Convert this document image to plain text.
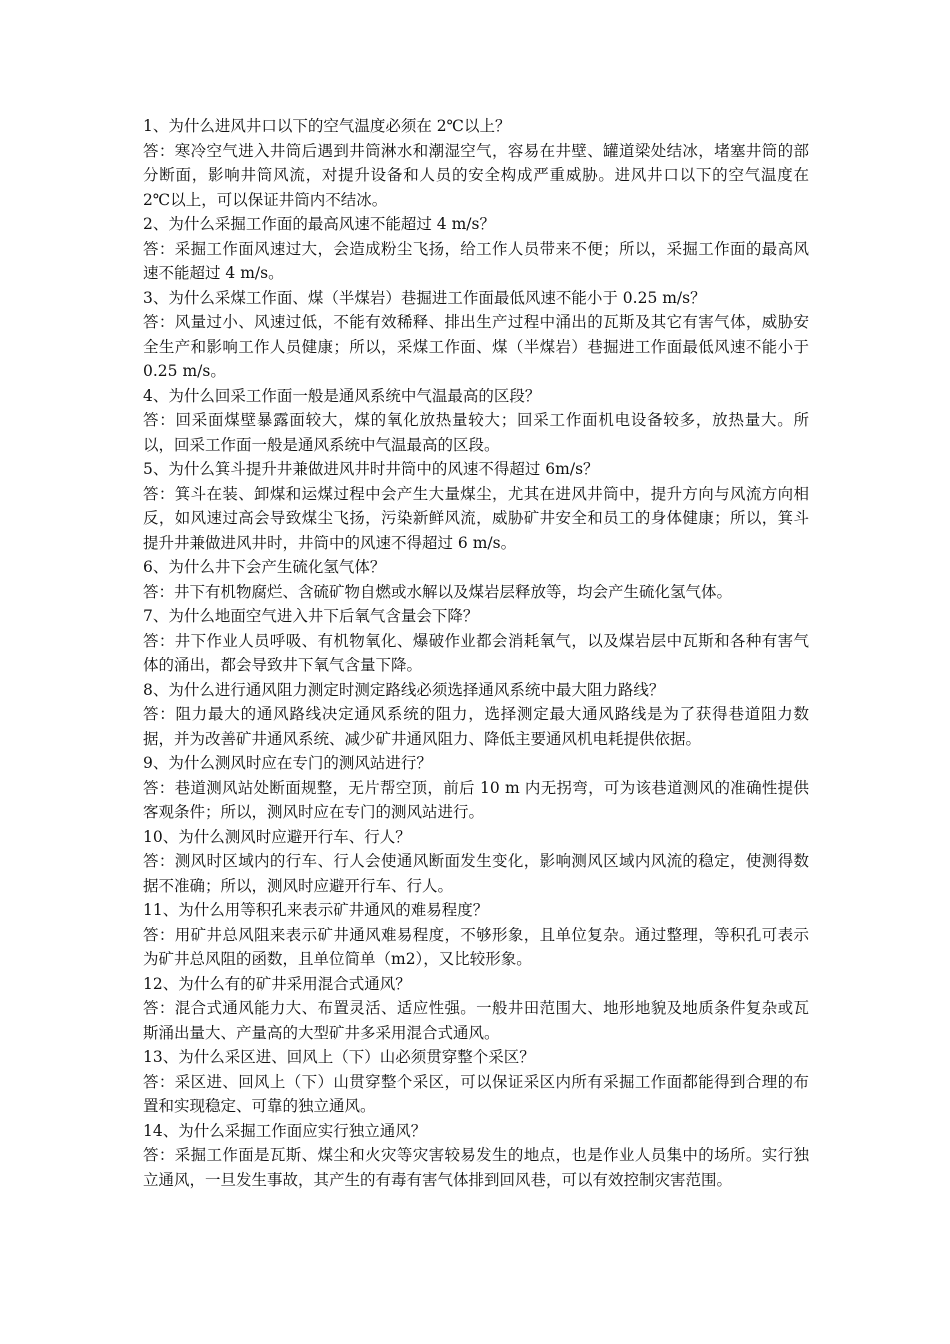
1、为什么进风井口以下的空气温度必须在 2℃以上？

答：寒冷空气进入井筒后遇到井筒淋水和潮湿空气，容易在井壁、罐道梁处结冰，堵塞井筒的部分断面，影响井筒风流，对提升设备和人员的安全构成严重威胁。进风井口以下的空气温度在 2℃以上，可以保证井筒内不结冰。

2、为什么采掘工作面的最高风速不能超过 4 m/s？

答：采掘工作面风速过大，会造成粉尘飞扬，给工作人员带来不便；所以，采掘工作面的最高风速不能超过 4 m/s。

3、为什么采煤工作面、煤（半煤岩）巷掘进工作面最低风速不能小于 0.25 m/s？

答：风量过小、风速过低，不能有效稀释、排出生产过程中涌出的瓦斯及其它有害气体，威胁安全生产和影响工作人员健康；所以，采煤工作面、煤（半煤岩）巷掘进工作面最低风速不能小于 0.25 m/s。

4、为什么回采工作面一般是通风系统中气温最高的区段？

答：回采面煤壁暴露面较大，煤的氧化放热量较大；回采工作面机电设备较多，放热量大。所以，回采工作面一般是通风系统中气温最高的区段。

5、为什么箕斗提升井兼做进风井时井筒中的风速不得超过 6m/s？

答：箕斗在装、卸煤和运煤过程中会产生大量煤尘，尤其在进风井筒中，提升方向与风流方向相反，如风速过高会导致煤尘飞扬，污染新鲜风流，威胁矿井安全和员工的身体健康；所以，箕斗提升井兼做进风井时，井筒中的风速不得超过 6 m/s。

6、为什么井下会产生硫化氢气体？

答：井下有机物腐烂、含硫矿物自燃或水解以及煤岩层释放等，均会产生硫化氢气体。

7、为什么地面空气进入井下后氧气含量会下降？

答：井下作业人员呼吸、有机物氧化、爆破作业都会消耗氧气，以及煤岩层中瓦斯和各种有害气体的涌出，都会导致井下氧气含量下降。

8、为什么进行通风阻力测定时测定路线必须选择通风系统中最大阻力路线？

答：阻力最大的通风路线决定通风系统的阻力，选择测定最大通风路线是为了获得巷道阻力数据，并为改善矿井通风系统、减少矿井通风阻力、降低主要通风机电耗提供依据。

9、为什么测风时应在专门的测风站进行？

答：巷道测风站处断面规整，无片帮空顶，前后 10 m 内无拐弯，可为该巷道测风的准确性提供客观条件；所以，测风时应在专门的测风站进行。

10、为什么测风时应避开行车、行人？

答：测风时区域内的行车、行人会使通风断面发生变化，影响测风区域内风流的稳定，使测得数据不准确；所以，测风时应避开行车、行人。

11、为什么用等积孔来表示矿井通风的难易程度？

答：用矿井总风阻来表示矿井通风难易程度，不够形象，且单位复杂。通过整理，等积孔可表示为矿井总风阻的函数，且单位简单（m2），又比较形象。

12、为什么有的矿井采用混合式通风？

答：混合式通风能力大、布置灵活、适应性强。一般井田范围大、地形地貌及地质条件复杂或瓦斯涌出量大、产量高的大型矿井多采用混合式通风。

13、为什么采区进、回风上（下）山必须贯穿整个采区？

答：采区进、回风上（下）山贯穿整个采区，可以保证采区内所有采掘工作面都能得到合理的布置和实现稳定、可靠的独立通风。

14、为什么采掘工作面应实行独立通风？

答：采掘工作面是瓦斯、煤尘和火灾等灾害较易发生的地点，也是作业人员集中的场所。实行独立通风，一旦发生事故，其产生的有毒有害气体排到回风巷，可以有效控制灾害范围。
